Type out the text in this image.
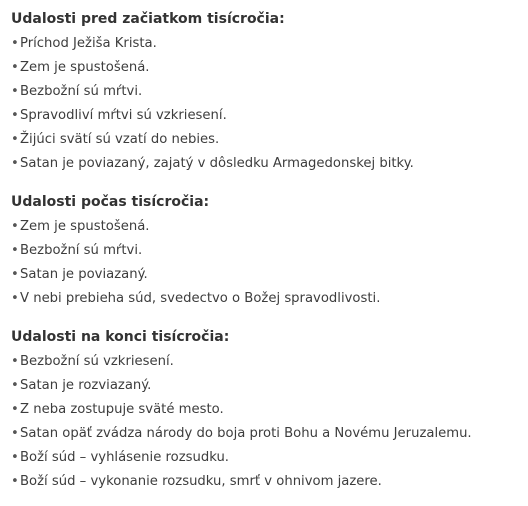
Udalosti pred začiatkom tisícročia:
•Príchod Ježiša Krista.
•Zem je spustošená.
•Bezbožní sú mŕtvi.
•Spravodliví mŕtvi sú vzkriesení.
•Žijúci svätí sú vzatí do nebies.
•Satan je poviazaný, zajatý v dôsledku Armagedonskej bitky.
Udalosti počas tisícročia:
•Zem je spustošená.
•Bezbožní sú mŕtvi.
•Satan je poviazaný.
•V nebi prebieha súd, svedectvo o Božej spravodlivosti.
Udalosti na konci tisícročia:
•Bezbožní sú vzkriesení.
•Satan je rozviazaný.
•Z neba zostupuje sväté mesto.
•Satan opäť zvádza národy do boja proti Bohu a Novému Jeruzalemu.
•Boží súd – vyhlásenie rozsudku.
•Boží súd – vykonanie rozsudku, smrť v ohnivom jazere.
